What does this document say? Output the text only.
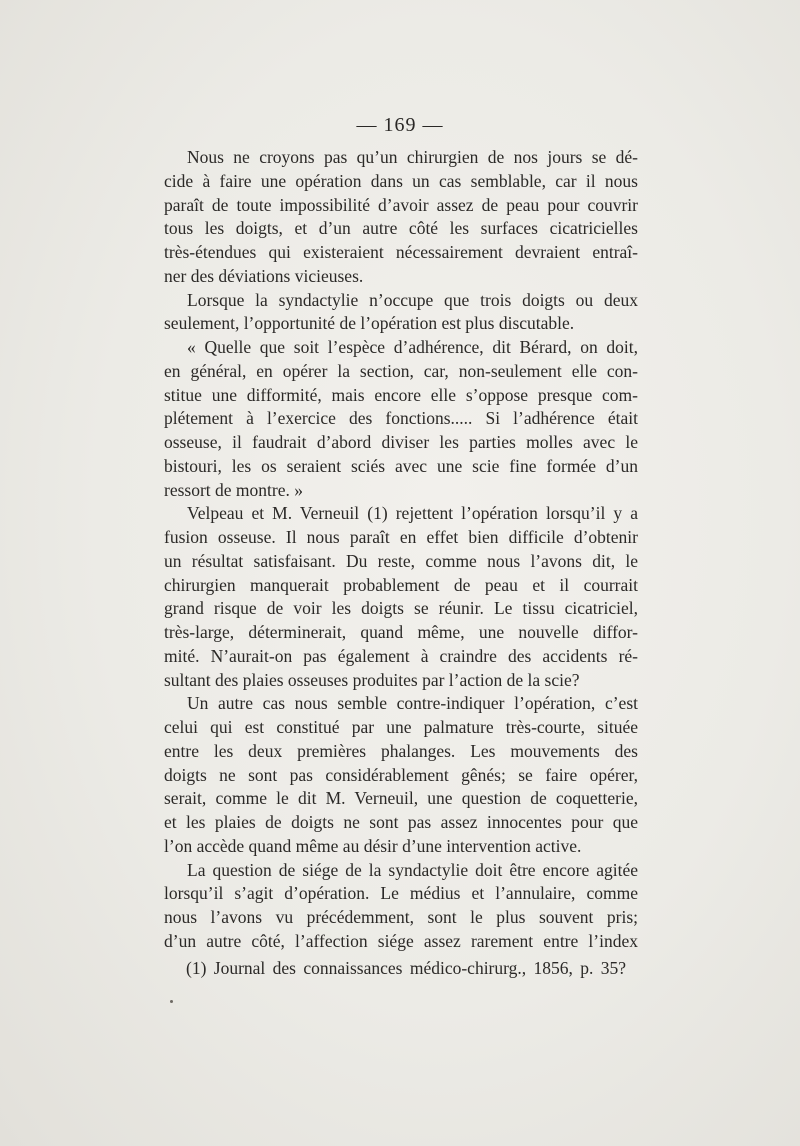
— 169 —
Nous ne croyons pas qu’un chirurgien de nos jours se dé-
cide à faire une opération dans un cas semblable, car il nous
paraît de toute impossibilité d’avoir assez de peau pour couvrir
tous les doigts, et d’un autre côté les surfaces cicatricielles
très-étendues qui existeraient nécessairement devraient entraî-
ner des déviations vicieuses.
Lorsque la syndactylie n’occupe que trois doigts ou deux
seulement, l’opportunité de l’opération est plus discutable.
« Quelle que soit l’espèce d’adhérence, dit Bérard, on doit,
en général, en opérer la section, car, non-seulement elle con-
stitue une difformité, mais encore elle s’oppose presque com-
plétement à l’exercice des fonctions..... Si l’adhérence était
osseuse, il faudrait d’abord diviser les parties molles avec le
bistouri, les os seraient sciés avec une scie fine formée d’un
ressort de montre. »
Velpeau et M. Verneuil (1) rejettent l’opération lorsqu’il y a
fusion osseuse. Il nous paraît en effet bien difficile d’obtenir
un résultat satisfaisant. Du reste, comme nous l’avons dit, le
chirurgien manquerait probablement de peau et il courrait
grand risque de voir les doigts se réunir. Le tissu cicatriciel,
très-large, déterminerait, quand même, une nouvelle diffor-
mité. N’aurait-on pas également à craindre des accidents ré-
sultant des plaies osseuses produites par l’action de la scie?
Un autre cas nous semble contre-indiquer l’opération, c’est
celui qui est constitué par une palmature très-courte, située
entre les deux premières phalanges. Les mouvements des
doigts ne sont pas considérablement gênés; se faire opérer,
serait, comme le dit M. Verneuil, une question de coquetterie,
et les plaies de doigts ne sont pas assez innocentes pour que
l’on accède quand même au désir d’une intervention active.
La question de siége de la syndactylie doit être encore agitée
lorsqu’il s’agit d’opération. Le médius et l’annulaire, comme
nous l’avons vu précédemment, sont le plus souvent pris;
d’un autre côté, l’affection siége assez rarement entre l’index
(1) Journal des connaissances médico-chirurg., 1856, p. 35?
